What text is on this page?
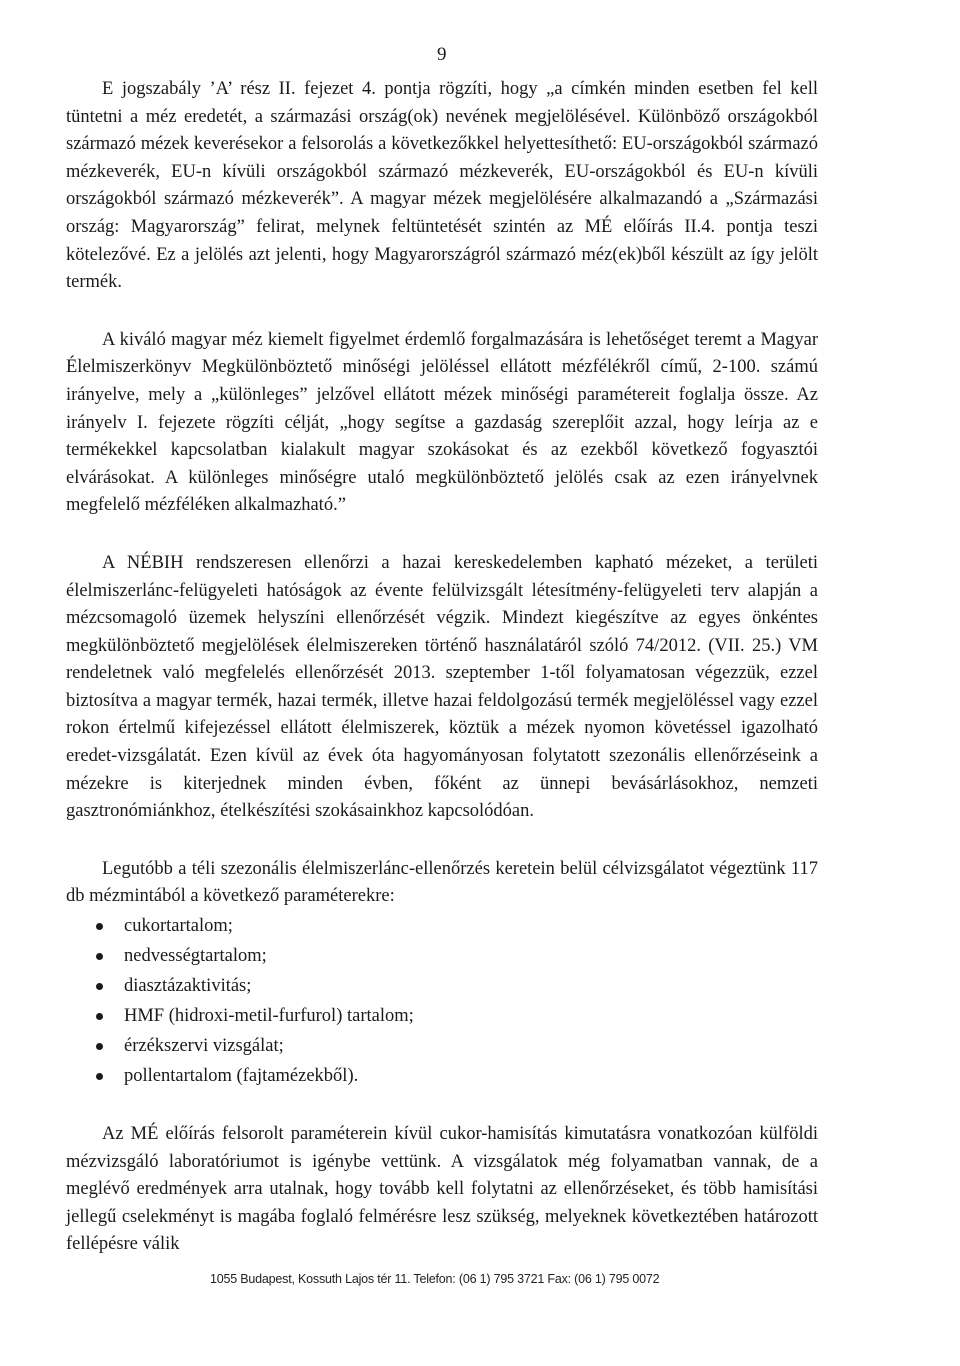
9

E jogszabály ’A’ rész II. fejezet 4. pontja rögzíti, hogy „a címkén minden esetben fel kell tüntetni a méz eredetét, a származási ország(ok) nevének megjelölésével. Különböző országokból származó mézek keverésekor a felsorolás a következőkkel helyettesíthető: EU-országokból származó mézkeverék, EU-n kívüli országokból származó mézkeverék, EU-országokból és EU-n kívüli országokból származó mézkeverék”. A magyar mézek megjelölésére alkalmazandó a „Származási ország: Magyarország” felirat, melynek feltüntetését szintén az MÉ előírás II.4. pontja teszi kötelezővé. Ez a jelölés azt jelenti, hogy Magyarországról származó méz(ek)ből készült az így jelölt termék.

A kiváló magyar méz kiemelt figyelmet érdemlő forgalmazására is lehetőséget teremt a Magyar Élelmiszerkönyv Megkülönböztető minőségi jelöléssel ellátott mézfélékről című, 2-100. számú irányelve, mely a „különleges” jelzővel ellátott mézek minőségi paramétereit foglalja össze. Az irányelv I. fejezete rögzíti célját, „hogy segítse a gazdaság szereplőit azzal, hogy leírja az e termékekkel kapcsolatban kialakult magyar szokásokat és az ezekből következő fogyasztói elvárásokat. A különleges minőségre utaló megkülönböztető jelölés csak az ezen irányelvnek megfelelő mézféléken alkalmazható.”

A NÉBIH rendszeresen ellenőrzi a hazai kereskedelemben kapható mézeket, a területi élelmiszerlánc-felügyeleti hatóságok az évente felülvizsgált létesítmény-felügyeleti terv alapján a mézcsomagoló üzemek helyszíni ellenőrzését végzik. Mindezt kiegészítve az egyes önkéntes megkülönböztető megjelölések élelmiszereken történő használatáról szóló 74/2012. (VII. 25.) VM rendeletnek való megfelelés ellenőrzését 2013. szeptember 1-től folyamatosan végezzük, ezzel biztosítva a magyar termék, hazai termék, illetve hazai feldolgozású termék megjelöléssel vagy ezzel rokon értelmű kifejezéssel ellátott élelmiszerek, köztük a mézek nyomon követéssel igazolható eredet-vizsgálatát. Ezen kívül az évek óta hagyományosan folytatott szezonális ellenőrzéseink a mézekre is kiterjednek minden évben, főként az ünnepi bevásárlásokhoz, nemzeti gasztronómiánkhoz, ételkészítési szokásainkhoz kapcsolódóan.

Legutóbb a téli szezonális élelmiszerlánc-ellenőrzés keretein belül célvizsgálatot végeztünk 117 db mézmintából a következő paraméterekre:

cukortartalom;
nedvességtartalom;
diasztázaktivitás;
HMF (hidroxi-metil-furfurol) tartalom;
érzékszervi vizsgálat;
pollentartalom (fajtamézekből).

Az MÉ előírás felsorolt paraméterein kívül cukor-hamisítás kimutatásra vonatkozóan külföldi mézvizsgáló laboratóriumot is igénybe vettünk. A vizsgálatok még folyamatban vannak, de a meglévő eredmények arra utalnak, hogy tovább kell folytatni az ellenőrzéseket, és több hamisítási jellegű cselekményt is magába foglaló felmérésre lesz szükség, melyeknek következtében határozott fellépésre válik

1055 Budapest, Kossuth Lajos tér 11. Telefon: (06 1) 795 3721 Fax: (06 1) 795 0072
